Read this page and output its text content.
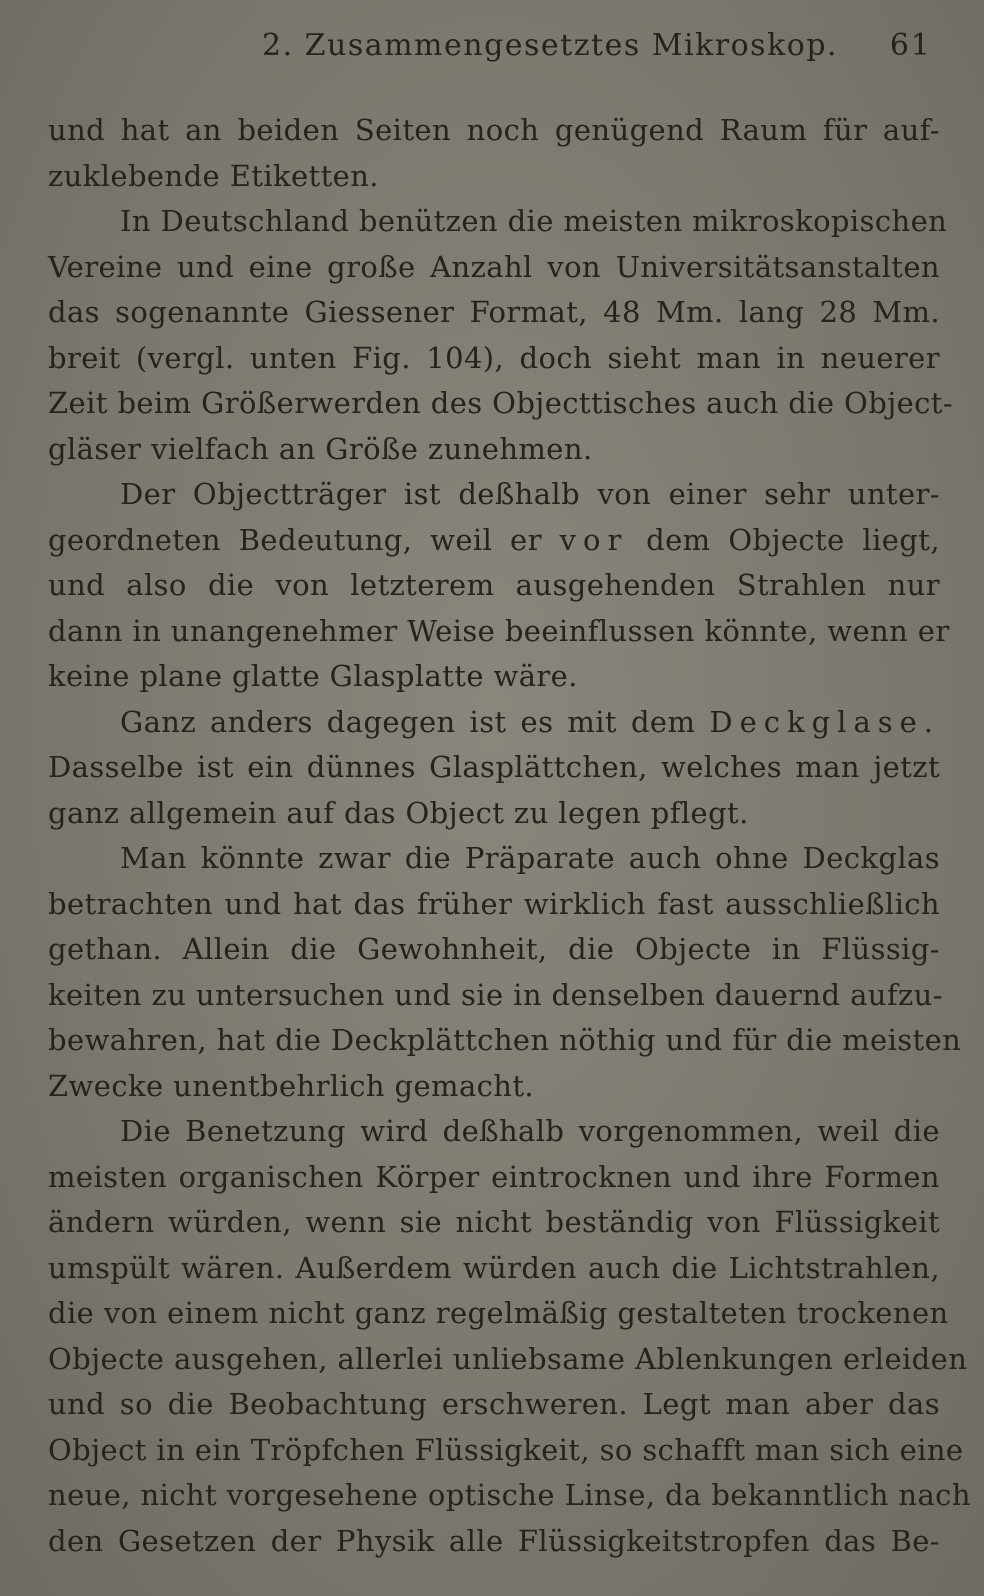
2. Zusammengesetztes Mikroskop. 61
und hat an beiden Seiten noch genügend Raum für auf-
zuklebende Etiketten.
In Deutschland benützen die meisten mikroskopischen
Vereine und eine große Anzahl von Universitätsanstalten
das sogenannte Giessener Format, 48 Mm. lang 28 Mm.
breit (vergl. unten Fig. 104), doch sieht man in neuerer
Zeit beim Größerwerden des Objecttisches auch die Object-
gläser vielfach an Größe zunehmen.
Der Objectträger ist deßhalb von einer sehr unter-
geordneten Bedeutung, weil er vor dem Objecte liegt,
und also die von letzterem ausgehenden Strahlen nur
dann in unangenehmer Weise beeinflussen könnte, wenn er
keine plane glatte Glasplatte wäre.
Ganz anders dagegen ist es mit dem Deckglase.
Dasselbe ist ein dünnes Glasplättchen, welches man jetzt
ganz allgemein auf das Object zu legen pflegt.
Man könnte zwar die Präparate auch ohne Deckglas
betrachten und hat das früher wirklich fast ausschließlich
gethan. Allein die Gewohnheit, die Objecte in Flüssig-
keiten zu untersuchen und sie in denselben dauernd aufzu-
bewahren, hat die Deckplättchen nöthig und für die meisten
Zwecke unentbehrlich gemacht.
Die Benetzung wird deßhalb vorgenommen, weil die
meisten organischen Körper eintrocknen und ihre Formen
ändern würden, wenn sie nicht beständig von Flüssigkeit
umspült wären. Außerdem würden auch die Lichtstrahlen,
die von einem nicht ganz regelmäßig gestalteten trockenen
Objecte ausgehen, allerlei unliebsame Ablenkungen erleiden
und so die Beobachtung erschweren. Legt man aber das
Object in ein Tröpfchen Flüssigkeit, so schafft man sich eine
neue, nicht vorgesehene optische Linse, da bekanntlich nach
den Gesetzen der Physik alle Flüssigkeitstropfen das Be-
